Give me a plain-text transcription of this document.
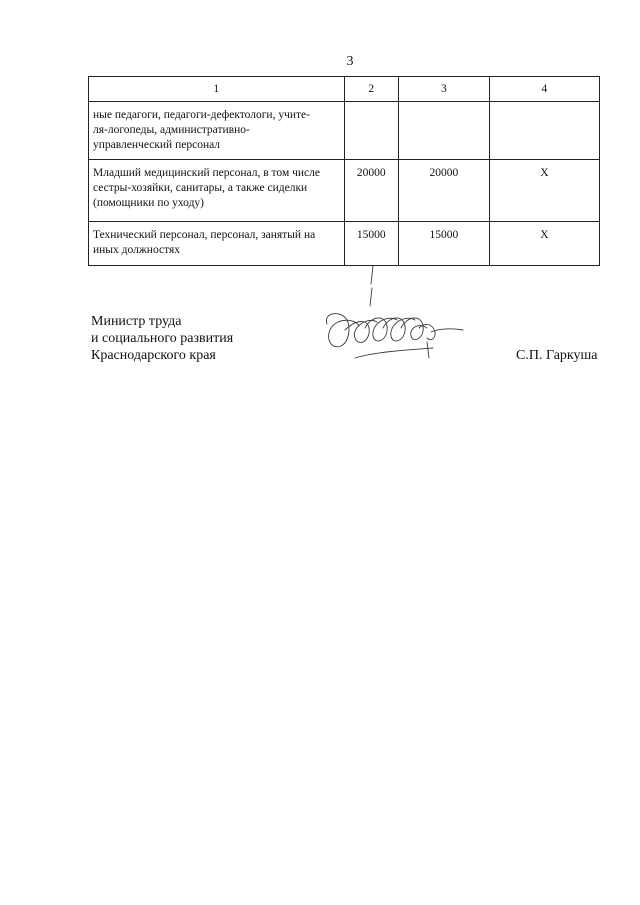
3
1	2	3	4

ные педагоги, педагоги-дефектологи, учите-
ля-логопеды, административно-
управленческий персонал			

Младший медицинский персонал, в том числе
сестры-хозяйки, санитары, а также сиделки
(помощники по уходу)	20000	20000	Х

Технический персонал, персонал, занятый на
иных должностях	15000	15000	Х
Министр труда
и социального развития
Краснодарского края	С.П. Гаркуша
